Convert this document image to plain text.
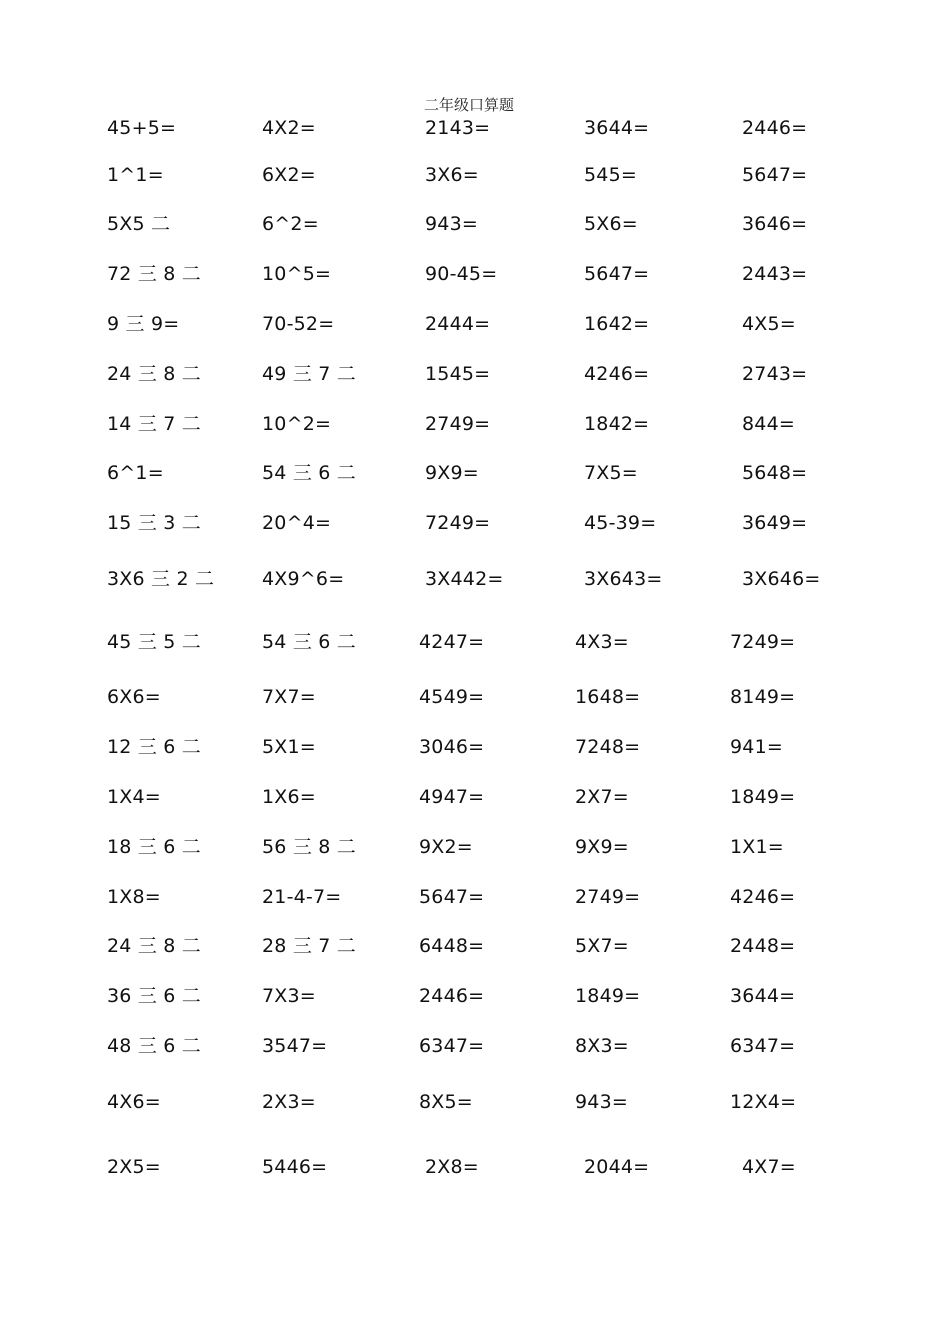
二年级口算题
45+5=	4X2=	2143=	3644=	2446=
1^1=	6X2=	3X6=	545=	5647=
5X5 二	6^2=	943=	5X6=	3646=
72 三 8 二	10^5=	90-45=	5647=	2443=
9 三 9=	70-52=	2444=	1642=	4X5=
24 三 8 二	49 三 7 二	1545=	4246=	2743=
14 三 7 二	10^2=	2749=	1842=	844=
6^1=	54 三 6 二	9X9=	7X5=	5648=
15 三 3 二	20^4=	7249=	45-39=	3649=
3X6 三 2 二	4X9^6=	3X442=	3X643=	3X646=
45 三 5 二	54 三 6 二	4247=	4X3=	7249=
6X6=	7X7=	4549=	1648=	8149=
12 三 6 二	5X1=	3046=	7248=	941=
1X4=	1X6=	4947=	2X7=	1849=
18 三 6 二	56 三 8 二	9X2=	9X9=	1X1=
1X8=	21-4-7=	5647=	2749=	4246=
24 三 8 二	28 三 7 二	6448=	5X7=	2448=
36 三 6 二	7X3=	2446=	1849=	3644=
48 三 6 二	3547=	6347=	8X3=	6347=
4X6=	2X3=	8X5=	943=	12X4=
2X5=	5446=	2X8=	2044=	4X7=
